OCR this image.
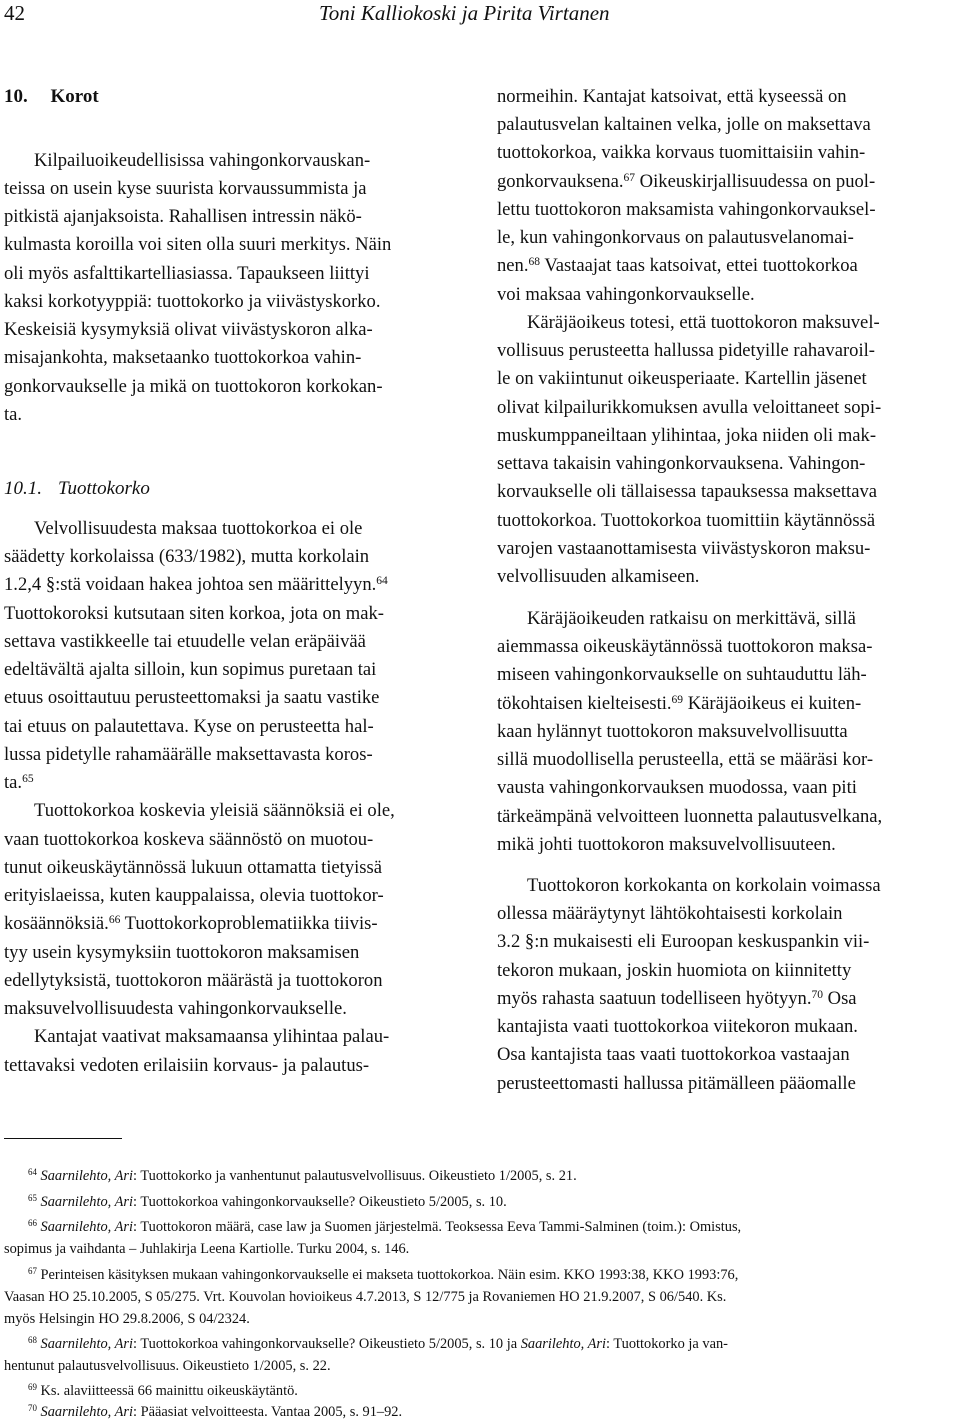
42	Toni Kalliokoski ja Pirita Virtanen
10. Korot
Kilpailuoikeudellisissa vahingonkorvauskan-
teissa on usein kyse suurista korvaussummista ja
pitkistä ajanjaksoista. Rahallisen intressin näkö-
kulmasta koroilla voi siten olla suuri merkitys. Näin
oli myös asfalttikartelliasiassa. Tapaukseen liittyi
kaksi korkotyyppiä: tuottokorko ja viivästyskorko.
Keskeisiä kysymyksiä olivat viivästyskoron alka-
misajankohta, maksetaanko tuottokorkoa vahin-
gonkorvaukselle ja mikä on tuottokoron korkokan-
ta.
10.1. Tuottokorko
Velvollisuudesta maksaa tuottokorkoa ei ole
säädetty korkolaissa (633/1982), mutta korkolain
1.2,4 §:stä voidaan hakea johtoa sen määrittelyyn.$^{64}$
Tuottokoroksi kutsutaan siten korkoa, jota on mak-
settava vastikkeelle tai etuudelle velan eräpäivää
edeltävältä ajalta silloin, kun sopimus puretaan tai
etuus osoittautuu perusteettomaksi ja saatu vastike
tai etuus on palautettava. Kyse on perusteetta hal-
lussa pidetylle rahamäärälle maksettavasta koros-
ta.$^{65}$
Tuottokorkoa koskevia yleisiä säännöksiä ei ole,
vaan tuottokorkoa koskeva säännöstö on muotou-
tunut oikeuskäytännössä lukuun ottamatta tietyissä
erityislaeissa, kuten kauppalaissa, olevia tuottokor-
kosäännöksiä.$^{66}$ Tuottokorkoproblematiikka tiivis-
tyy usein kysymyksiin tuottokoron maksamisen
edellytyksistä, tuottokoron määrästä ja tuottokoron
maksuvelvollisuudesta vahingonkorvaukselle.
Kantajat vaativat maksamaansa ylihintaa palau-
tettavaksi vedoten erilaisiin korvaus- ja palautus-
normeihin. Kantajat katsoivat, että kyseessä on
palautusvelan kaltainen velka, jolle on maksettava
tuottokorkoa, vaikka korvaus tuomittaisiin vahin-
gonkorvauksena.$^{67}$ Oikeuskirjallisuudessa on puol-
lettu tuottokoron maksamista vahingonkorvauksel-
le, kun vahingonkorvaus on palautusvelanomai-
nen.$^{68}$ Vastaajat taas katsoivat, ettei tuottokorkoa
voi maksaa vahingonkorvaukselle.
Käräjäoikeus totesi, että tuottokoron maksuvel-
vollisuus perusteetta hallussa pidetyille rahavaroil-
le on vakiintunut oikeusperiaate. Kartellin jäsenet
olivat kilpailurikkomuksen avulla veloittaneet sopi-
muskumppaneiltaan ylihintaa, joka niiden oli mak-
settava takaisin vahingonkorvauksena. Vahingon-
korvaukselle oli tällaisessa tapauksessa maksettava
tuottokorkoa. Tuottokorkoa tuomittiin käytännössä
varojen vastaanottamisesta viivästyskoron maksu-
velvollisuuden alkamiseen.
Käräjäoikeuden ratkaisu on merkittävä, sillä
aiemmassa oikeuskäytännössä tuottokoron maksa-
miseen vahingonkorvaukselle on suhtauduttu läh-
tökohtaisen kielteisesti.$^{69}$ Käräjäoikeus ei kuiten-
kaan hylännyt tuottokoron maksuvelvollisuutta
sillä muodollisella perusteella, että se määräsi kor-
vausta vahingonkorvauksen muodossa, vaan piti
tärkeämpänä velvoitteen luonnetta palautusvelkana,
mikä johti tuottokoron maksuvelvollisuuteen.
Tuottokoron korkokanta on korkolain voimassa
ollessa määräytynyt lähtökohtaisesti korkolain
3.2 §:n mukaisesti eli Euroopan keskuspankin vii-
tekoron mukaan, joskin huomiota on kiinnitetty
myös rahasta saatuun todelliseen hyötyyn.$^{70}$ Osa
kantajista vaati tuottokorkoa viitekoron mukaan.
Osa kantajista taas vaati tuottokorkoa vastaajan
perusteettomasti hallussa pitämälleen pääomalle
$^{64}$ Saarnilehto, Ari: Tuottokorko ja vanhentunut palautusvelvollisuus. Oikeustieto 1/2005, s. 21.
$^{65}$ Saarnilehto, Ari: Tuottokorkoa vahingonkorvaukselle? Oikeustieto 5/2005, s. 10.
$^{66}$ Saarnilehto, Ari: Tuottokoron määrä, case law ja Suomen järjestelmä. Teoksessa Eeva Tammi-Salminen (toim.): Omistus,
sopimus ja vaihdanta – Juhlakirja Leena Kartiolle. Turku 2004, s. 146.
$^{67}$ Perinteisen käsityksen mukaan vahingonkorvaukselle ei makseta tuottokorkoa. Näin esim. KKO 1993:38, KKO 1993:76,
Vaasan HO 25.10.2005, S 05/275. Vrt. Kouvolan hovioikeus 4.7.2013, S 12/775 ja Rovaniemen HO 21.9.2007, S 06/540. Ks.
myös Helsingin HO 29.8.2006, S 04/2324.
$^{68}$ Saarnilehto, Ari: Tuottokorkoa vahingonkorvaukselle? Oikeustieto 5/2005, s. 10 ja Saarilehto, Ari: Tuottokorko ja van-
hentunut palautusvelvollisuus. Oikeustieto 1/2005, s. 22.
$^{69}$ Ks. alaviitteessä 66 mainittu oikeuskäytäntö.
$^{70}$ Saarnilehto, Ari: Pääasiat velvoitteesta. Vantaa 2005, s. 91–92.
